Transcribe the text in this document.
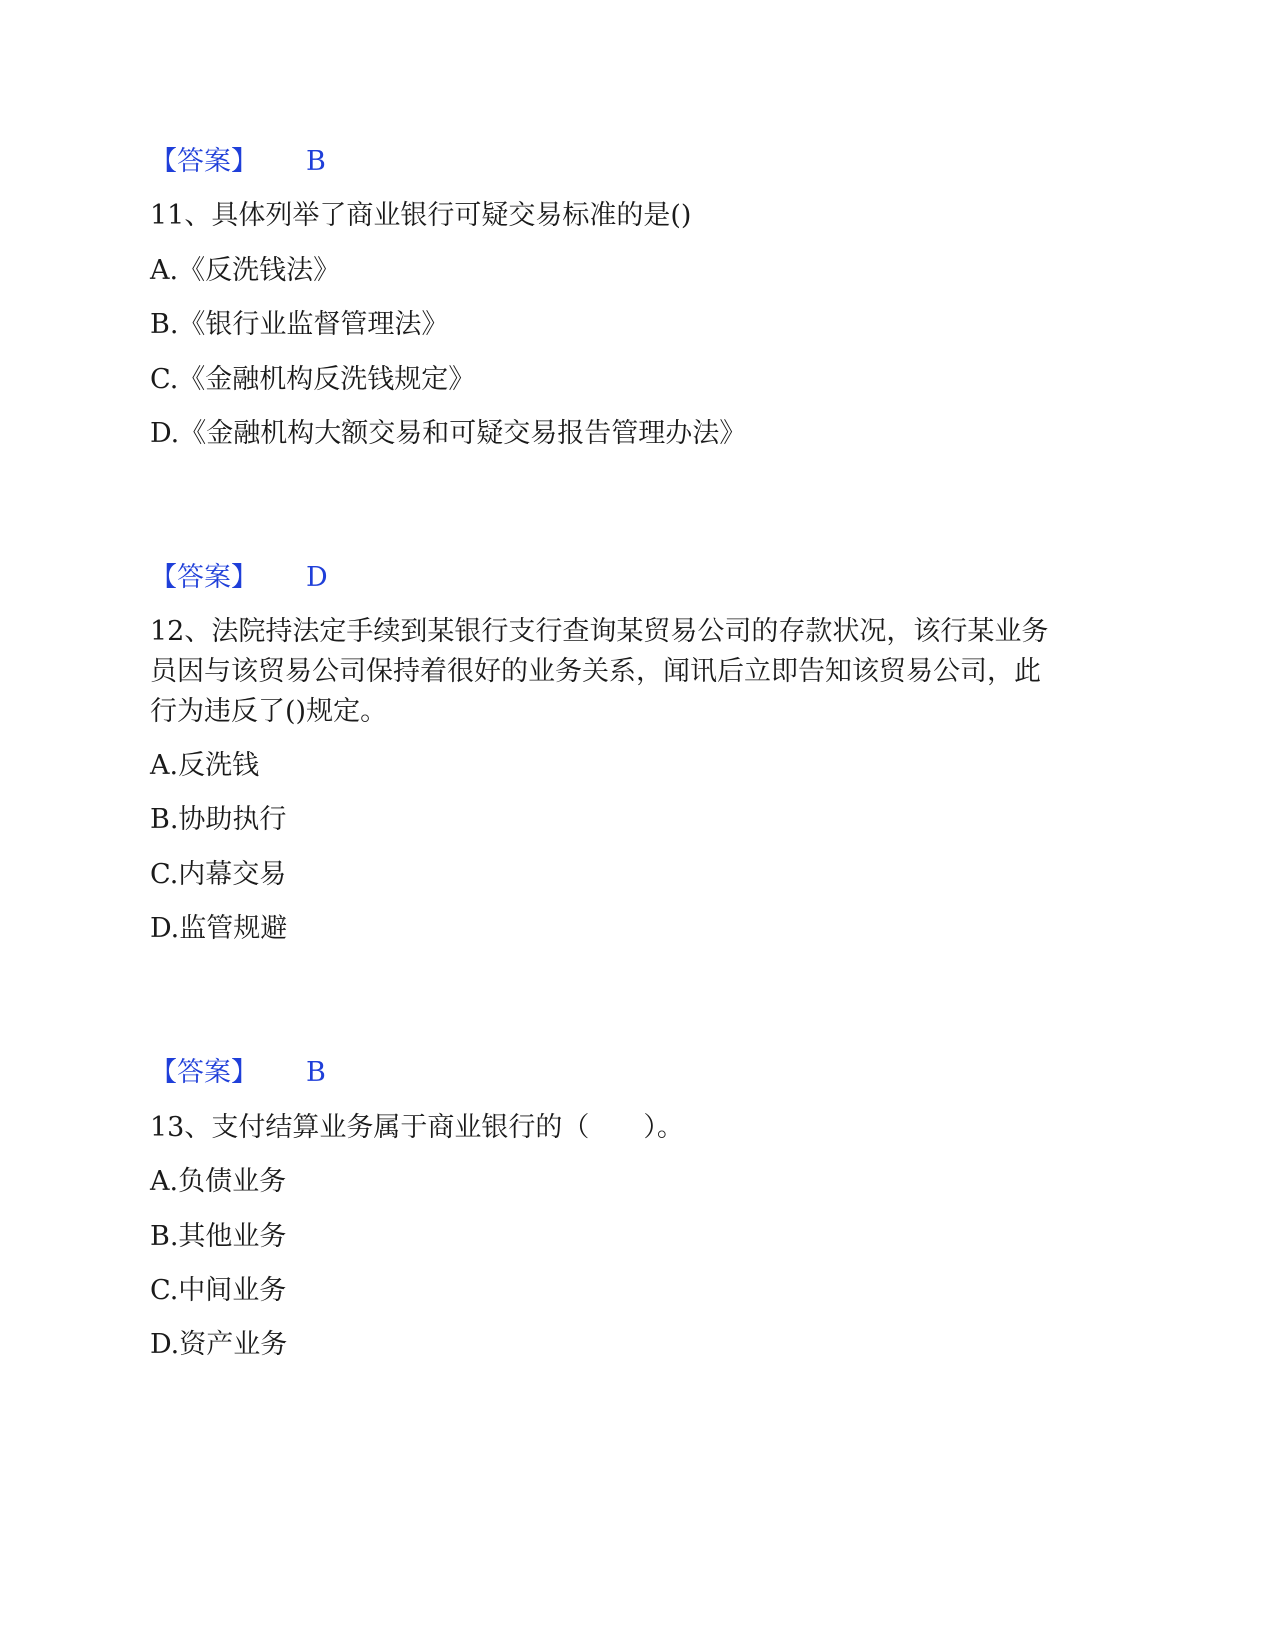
【答案】 B
11、具体列举了商业银行可疑交易标准的是()
A.《反洗钱法》
B.《银行业监督管理法》
C.《金融机构反洗钱规定》
D.《金融机构大额交易和可疑交易报告管理办法》
【答案】 D
12、法院持法定手续到某银行支行查询某贸易公司的存款状况，该行某业务
员因与该贸易公司保持着很好的业务关系，闻讯后立即告知该贸易公司，此
行为违反了()规定。
A.反洗钱
B.协助执行
C.内幕交易
D.监管规避
【答案】 B
13、支付结算业务属于商业银行的（　　）。
A.负债业务
B.其他业务
C.中间业务
D.资产业务
